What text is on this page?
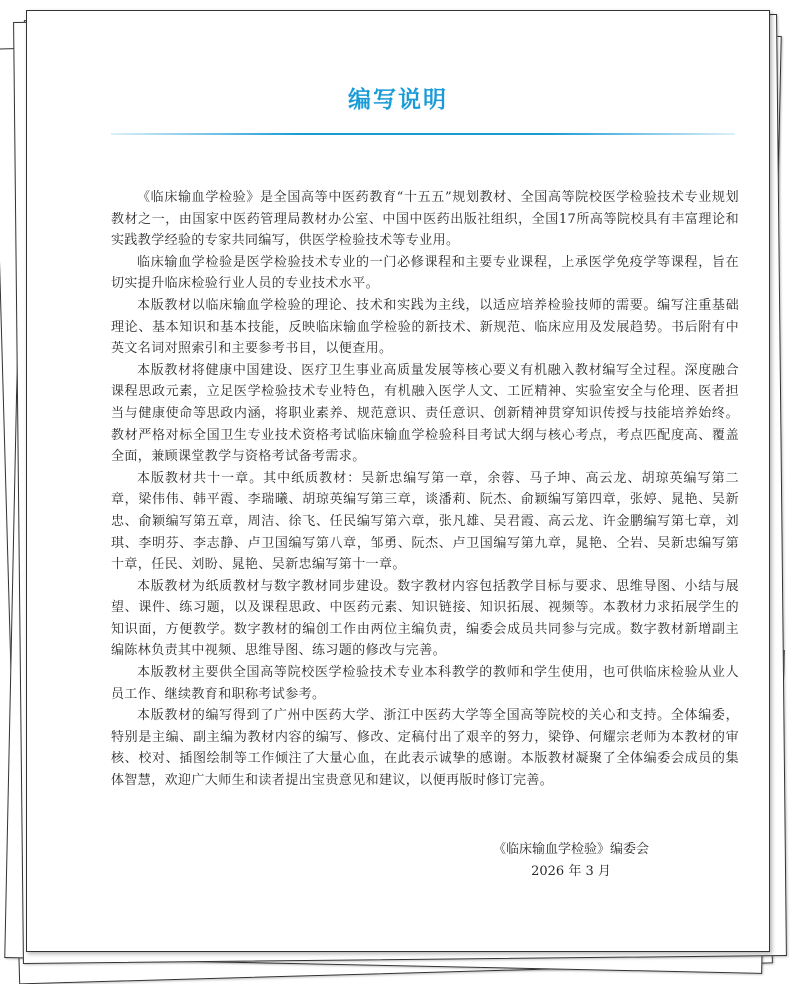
编写说明

《临床输血学检验》是全国高等中医药教育“十五五”规划教材、全国高等院校医学检验技术专业规划教材之一，由国家中医药管理局教材办公室、中国中医药出版社组织，全国17所高等院校具有丰富理论和实践教学经验的专家共同编写，供医学检验技术等专业用。

临床输血学检验是医学检验技术专业的一门必修课程和主要专业课程，上承医学免疫学等课程，旨在切实提升临床检验行业人员的专业技术水平。

本版教材以临床输血学检验的理论、技术和实践为主线，以适应培养检验技师的需要。编写注重基础理论、基本知识和基本技能，反映临床输血学检验的新技术、新规范、临床应用及发展趋势。书后附有中英文名词对照索引和主要参考书目，以便查用。

本版教材将健康中国建设、医疗卫生事业高质量发展等核心要义有机融入教材编写全过程。深度融合课程思政元素，立足医学检验技术专业特色，有机融入医学人文、工匠精神、实验室安全与伦理、医者担当与健康使命等思政内涵，将职业素养、规范意识、责任意识、创新精神贯穿知识传授与技能培养始终。教材严格对标全国卫生专业技术资格考试临床输血学检验科目考试大纲与核心考点，考点匹配度高、覆盖全面，兼顾课堂教学与资格考试备考需求。

本版教材共十一章。其中纸质教材：吴新忠编写第一章，余蓉、马子坤、高云龙、胡琼英编写第二章，梁伟伟、韩平霞、李瑞曦、胡琼英编写第三章，谈潘莉、阮杰、俞颖编写第四章，张婷、晁艳、吴新忠、俞颖编写第五章，周洁、徐飞、任民编写第六章，张凡雄、吴君霞、高云龙、许金鹏编写第七章，刘琪、李明芬、李志静、卢卫国编写第八章，邹勇、阮杰、卢卫国编写第九章，晁艳、仝岩、吴新忠编写第十章，任民、刘盼、晁艳、吴新忠编写第十一章。

本版教材为纸质教材与数字教材同步建设。数字教材内容包括教学目标与要求、思维导图、小结与展望、课件、练习题，以及课程思政、中医药元素、知识链接、知识拓展、视频等。本教材力求拓展学生的知识面，方便教学。数字教材的编创工作由两位主编负责，编委会成员共同参与完成。数字教材新增副主编陈林负责其中视频、思维导图、练习题的修改与完善。

本版教材主要供全国高等院校医学检验技术专业本科教学的教师和学生使用，也可供临床检验从业人员工作、继续教育和职称考试参考。

本版教材的编写得到了广州中医药大学、浙江中医药大学等全国高等院校的关心和支持。全体编委，特别是主编、副主编为教材内容的编写、修改、定稿付出了艰辛的努力，梁铮、何耀宗老师为本教材的审核、校对、插图绘制等工作倾注了大量心血，在此表示诚挚的感谢。本版教材凝聚了全体编委会成员的集体智慧，欢迎广大师生和读者提出宝贵意见和建议，以便再版时修订完善。

《临床输血学检验》编委会
2026 年 3 月
